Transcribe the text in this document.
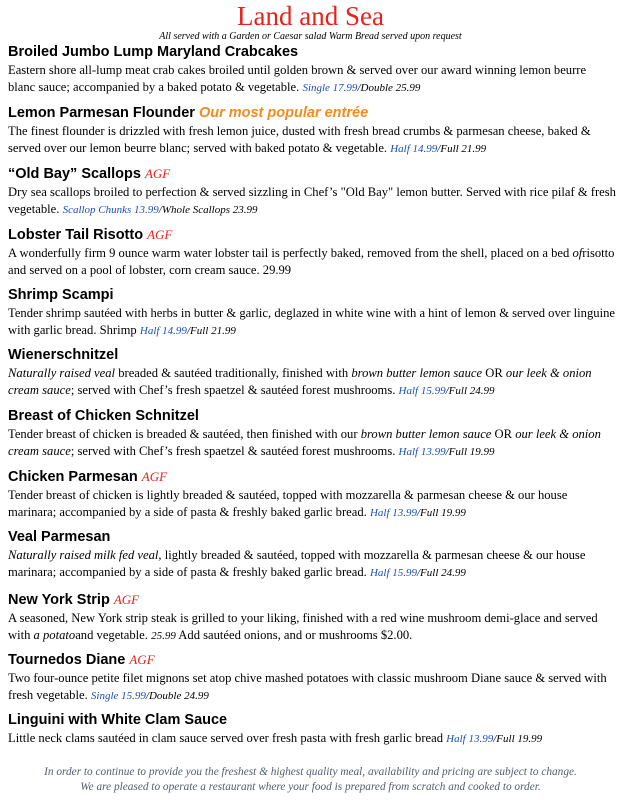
Land and Sea
All served with a Garden or Caesar salad Warm Bread served upon request
Broiled Jumbo Lump Maryland Crabcakes
Eastern shore all-lump meat crab cakes broiled until golden brown & served over our award winning lemon beurre blanc sauce; accompanied by a baked potato & vegetable. Single 17.99/Double 25.99
Lemon Parmesan Flounder Our most popular entrée
The finest flounder is drizzled with fresh lemon juice, dusted with fresh bread crumbs & parmesan cheese, baked & served over our lemon beurre blanc; served with baked potato & vegetable. Half 14.99/Full 21.99
“Old Bay” Scallops AGF
Dry sea scallops broiled to perfection & served sizzling in Chef’s "Old Bay" lemon butter. Served with rice pilaf & fresh vegetable. Scallop Chunks 13.99/Whole Scallops 23.99
Lobster Tail Risotto AGF
A wonderfully firm 9 ounce warm water lobster tail is perfectly baked, removed from the shell, placed on a bed ofrisotto and served on a pool of lobster, corn cream sauce. 29.99
Shrimp Scampi
Tender shrimp sautéed with herbs in butter & garlic, deglazed in white wine with a hint of lemon & served over linguine with garlic bread. Shrimp Half 14.99/Full 21.99
Wienerschnitzel
Naturally raised veal breaded & sautéed traditionally, finished with brown butter lemon sauce OR our leek & onion cream sauce; served with Chef’s fresh spaetzel & sautéed forest mushrooms. Half 15.99/Full 24.99
Breast of Chicken Schnitzel
Tender breast of chicken is breaded & sautéed, then finished with our brown butter lemon sauce OR our leek & onion cream sauce; served with Chef’s fresh spaetzel & sautéed forest mushrooms. Half 13.99/Full 19.99
Chicken Parmesan AGF
Tender breast of chicken is lightly breaded & sautéed, topped with mozzarella & parmesan cheese & our house marinara; accompanied by a side of pasta & freshly baked garlic bread. Half 13.99/Full 19.99
Veal Parmesan
Naturally raised milk fed veal, lightly breaded & sautéed, topped with mozzarella & parmesan cheese & our house marinara; accompanied by a side of pasta & freshly baked garlic bread. Half 15.99/Full 24.99
New York Strip AGF
A seasoned, New York strip steak is grilled to your liking, finished with a red wine mushroom demi-glace and served with a potatoand vegetable. 25.99 Add sautéed onions, and or mushrooms $2.00.
Tournedos Diane AGF
Two four-ounce petite filet mignons set atop chive mashed potatoes with classic mushroom Diane sauce & served with fresh vegetable. Single 15.99/Double 24.99
Linguini with White Clam Sauce
Little neck clams sautéed in clam sauce served over fresh pasta with fresh garlic bread Half 13.99/Full 19.99
In order to continue to provide you the freshest & highest quality meal, availability and pricing are subject to change.
We are pleased to operate a restaurant where your food is prepared from scratch and cooked to order.
